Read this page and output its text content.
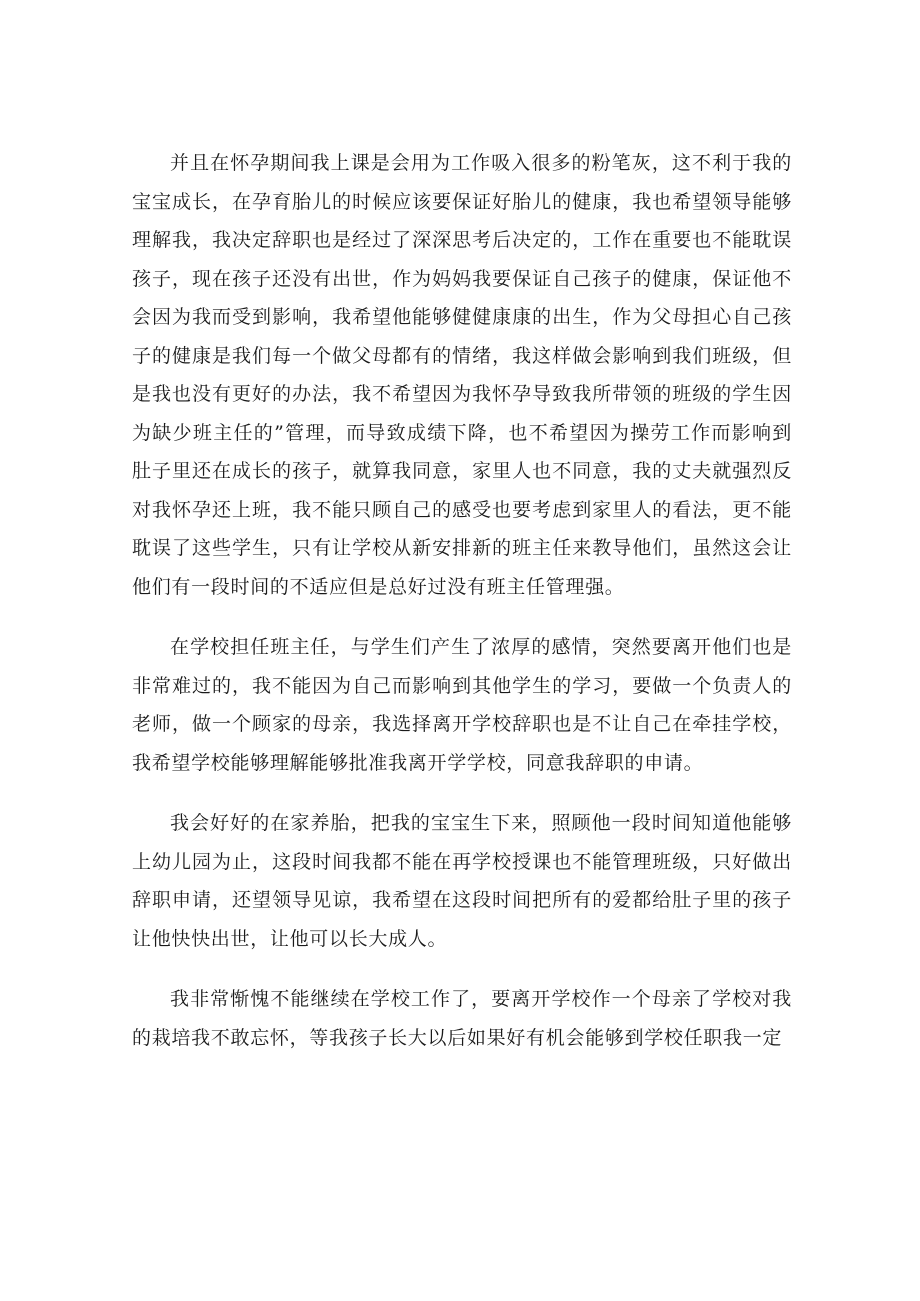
并且在怀孕期间我上课是会用为工作吸入很多的粉笔灰，这不利于我的宝宝成长，在孕育胎儿的时候应该要保证好胎儿的健康，我也希望领导能够理解我，我决定辞职也是经过了深深思考后决定的，工作在重要也不能耽误孩子，现在孩子还没有出世，作为妈妈我要保证自己孩子的健康，保证他不会因为我而受到影响，我希望他能够健健康康的出生，作为父母担心自己孩子的健康是我们每一个做父母都有的情绪，我这样做会影响到我们班级，但是我也没有更好的办法，我不希望因为我怀孕导致我所带领的班级的学生因为缺少班主任的”管理，而导致成绩下降，也不希望因为操劳工作而影响到肚子里还在成长的孩子，就算我同意，家里人也不同意，我的丈夫就强烈反对我怀孕还上班，我不能只顾自己的感受也要考虑到家里人的看法，更不能耽误了这些学生，只有让学校从新安排新的班主任来教导他们，虽然这会让他们有一段时间的不适应但是总好过没有班主任管理强。

在学校担任班主任，与学生们产生了浓厚的感情，突然要离开他们也是非常难过的，我不能因为自己而影响到其他学生的学习，要做一个负责人的老师，做一个顾家的母亲，我选择离开学校辞职也是不让自己在牵挂学校，我希望学校能够理解能够批准我离开学学校，同意我辞职的申请。

我会好好的在家养胎，把我的宝宝生下来，照顾他一段时间知道他能够上幼儿园为止，这段时间我都不能在再学校授课也不能管理班级，只好做出辞职申请，还望领导见谅，我希望在这段时间把所有的爱都给肚子里的孩子让他快快出世，让他可以长大成人。

我非常惭愧不能继续在学校工作了，要离开学校作一个母亲了学校对我的栽培我不敢忘怀，等我孩子长大以后如果好有机会能够到学校任职我一定
